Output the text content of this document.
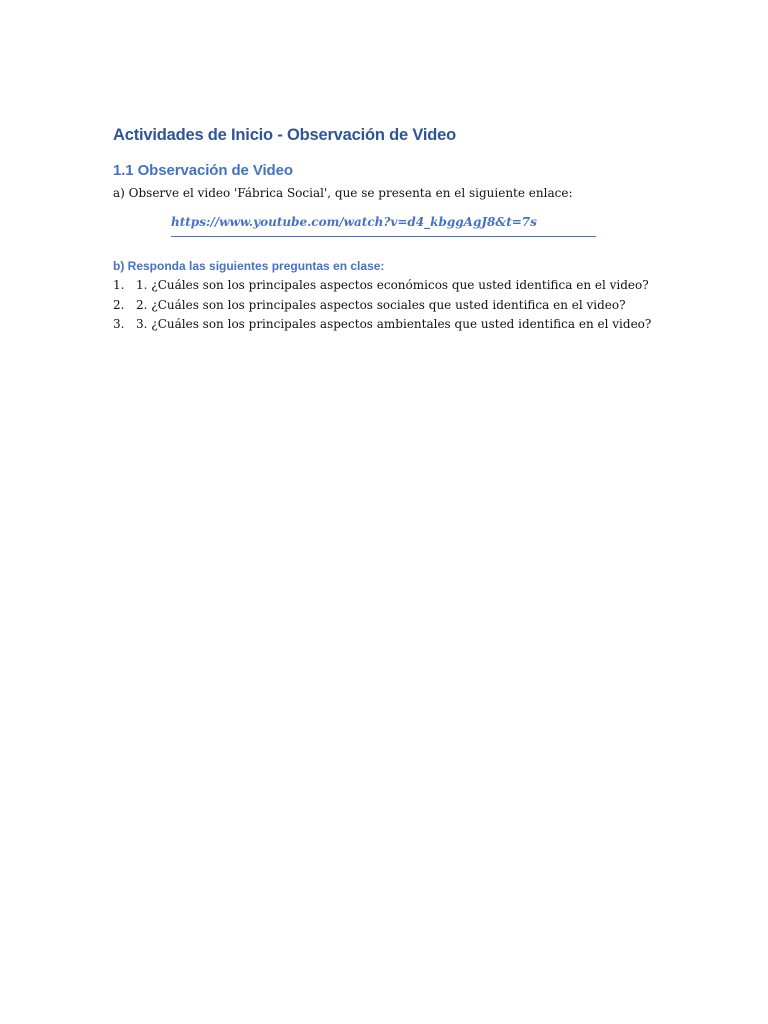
Actividades de Inicio - Observación de Video
1.1 Observación de Video

a) Observe el video 'Fábrica Social', que se presenta en el siguiente enlace:

https://www.youtube.com/watch?v=d4_kbggAgJ8&t=7s
b) Responda las siguientes preguntas en clase:
1. 1. ¿Cuáles son los principales aspectos económicos que usted identifica en el video?
2. 2. ¿Cuáles son los principales aspectos sociales que usted identifica en el video?
3. 3. ¿Cuáles son los principales aspectos ambientales que usted identifica en el video?
